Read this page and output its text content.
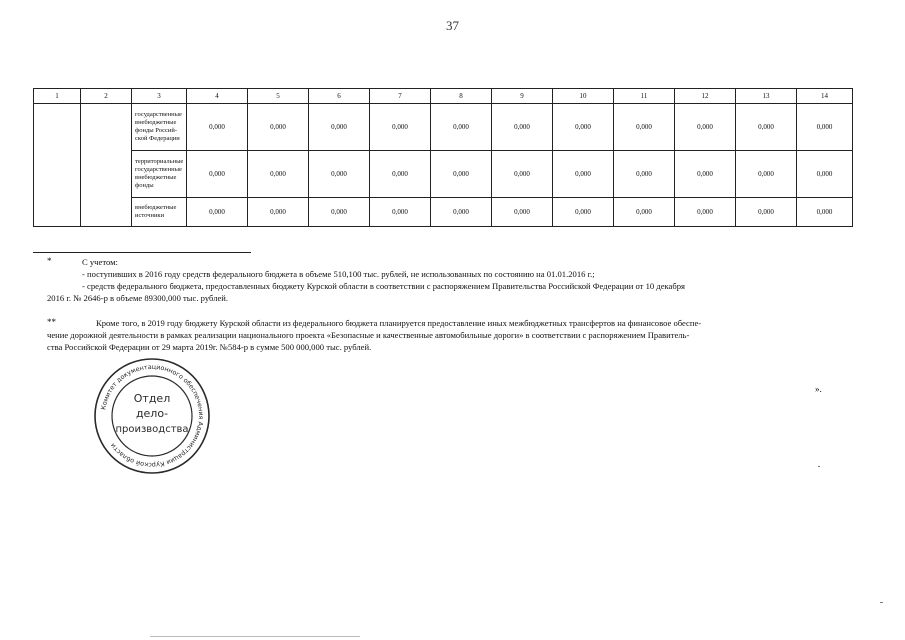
37
1	2	3	4	5	6	7	8	9	10	11	12	13	14
		государственные внебюджетные фонды Россий-ской Федерации	0,000	0,000	0,000	0,000	0,000	0,000	0,000	0,000	0,000	0,000	0,000
		территориальные государственные внебюджетные фонды	0,000	0,000	0,000	0,000	0,000	0,000	0,000	0,000	0,000	0,000	0,000
		внебюджетные источники	0,000	0,000	0,000	0,000	0,000	0,000	0,000	0,000	0,000	0,000	0,000
*	С учетом:
- поступивших в 2016 году средств федерального бюджета в объеме 510,100 тыс. рублей, не использованных по состоянию на 01.01.2016 г.;
- средств федерального бюджета, предоставленных бюджету Курской области в соответствии с распоряжением Правительства Российской Федерации от 10 декабря
2016 г. № 2646-р в объеме 89300,000 тыс. рублей.
**	Кроме того, в 2019 году бюджету Курской области из федерального бюджета планируется предоставление иных межбюджетных трансфертов на финансовое обеспе-
чение дорожной деятельности в рамках реализации национального проекта «Безопасные и качественные автомобильные дороги» в соответствии с распоряжением Правитель-
ства Российской Федерации от 29 марта 2019г. №584-р в сумме 500 000,000 тыс. рублей.
».
Комитет документационного обеспечения Администрации Курской области
Отдел
дело-
производства
